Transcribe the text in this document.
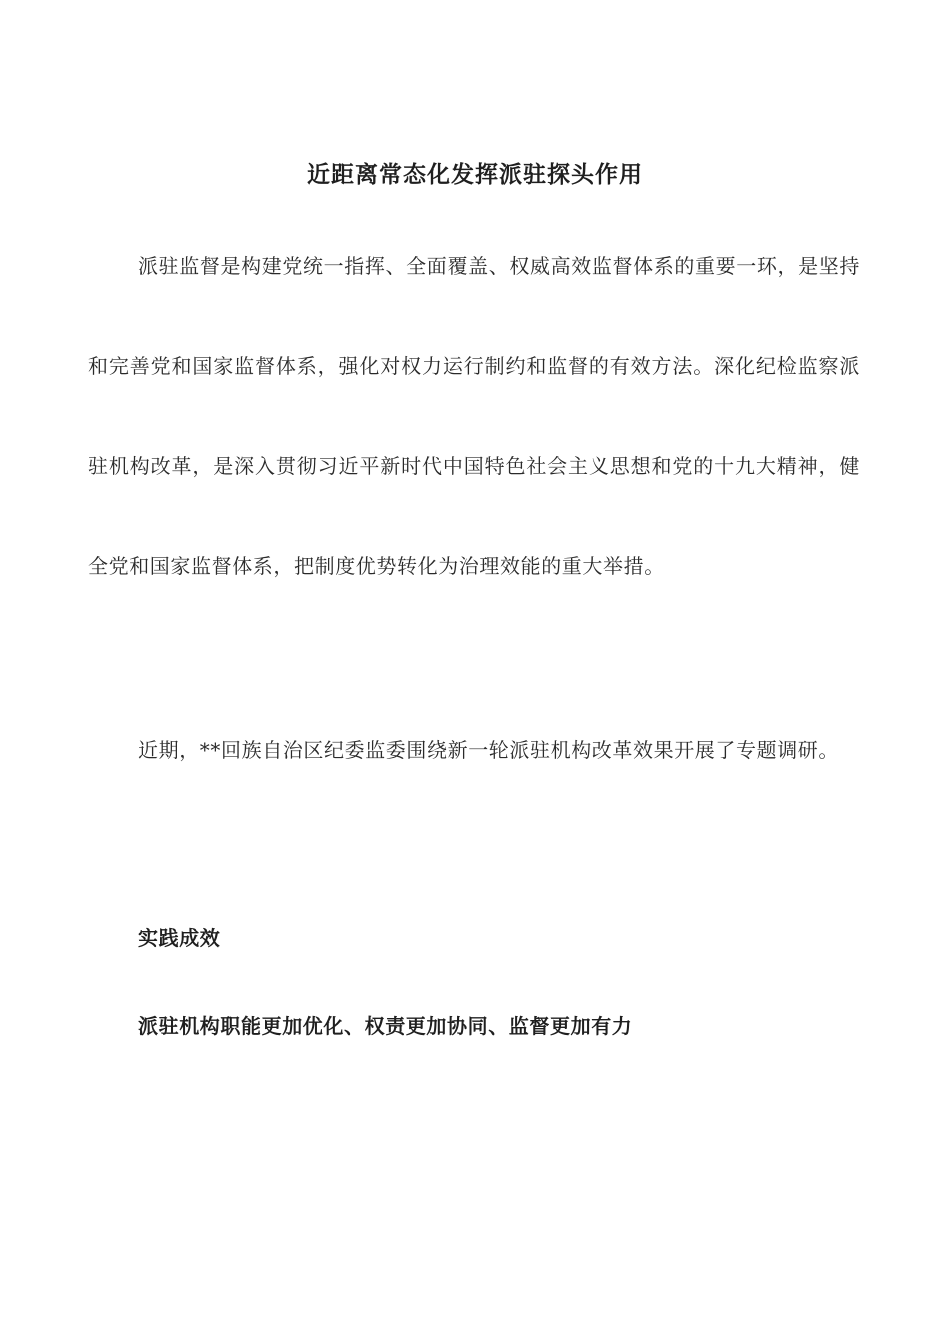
近距离常态化发挥派驻探头作用

派驻监督是构建党统一指挥、全面覆盖、权威高效监督体系的重要一环，是坚持和完善党和国家监督体系，强化对权力运行制约和监督的有效方法。深化纪检监察派驻机构改革，是深入贯彻习近平新时代中国特色社会主义思想和党的十九大精神，健全党和国家监督体系，把制度优势转化为治理效能的重大举措。

近期，**回族自治区纪委监委围绕新一轮派驻机构改革效果开展了专题调研。

实践成效
派驻机构职能更加优化、权责更加协同、监督更加有力
